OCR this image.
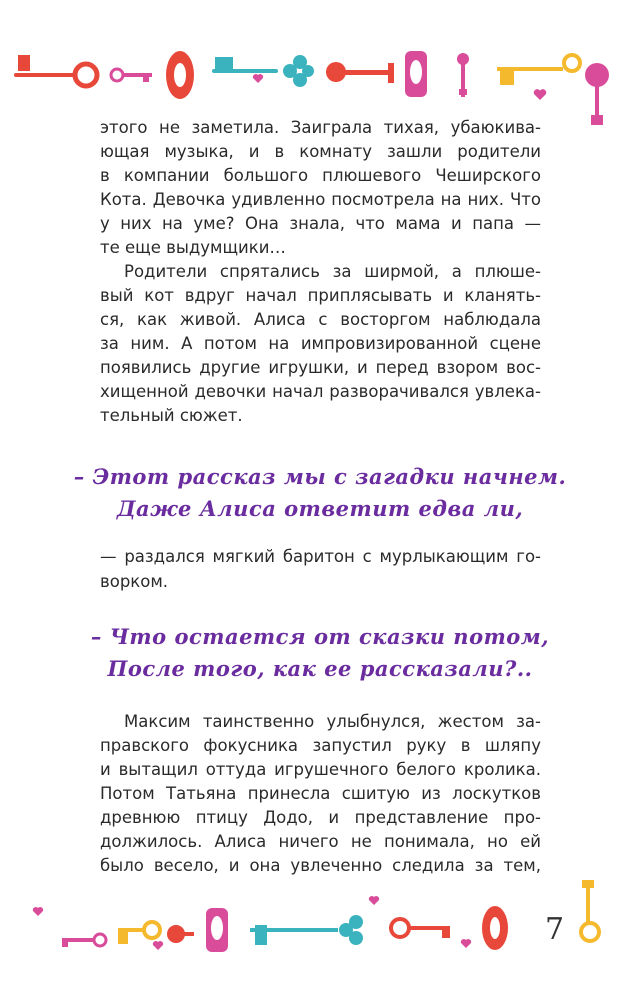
этого не заметила. Заиграла тихая, убаюкива-
ющая музыка, и в комнату зашли родители
в компании большого плюшевого Чеширского
Кота. Девочка удивленно посмотрела на них. Что
у них на уме? Она знала, что мама и папа —
те еще выдумщики…
Родители спрятались за ширмой, а плюше-
вый кот вдруг начал приплясывать и кланять-
ся, как живой. Алиса с восторгом наблюдала
за ним. А потом на импровизированной сцене
появились другие игрушки, и перед взором вос-
хищенной девочки начал разворачивался увлека-
тельный сюжет.
– Этот рассказ мы с загадки начнем.
Даже Алиса ответит едва ли,
— раздался мягкий баритон с мурлыкающим го-
ворком.
– Что остается от сказки потом,
После того, как ее рассказали?..
Максим таинственно улыбнулся, жестом за-
правского фокусника запустил руку в шляпу
и вытащил оттуда игрушечного белого кролика.
Потом Татьяна принесла сшитую из лоскутков
древнюю птицу Додо, и представление про-
должилось. Алиса ничего не понимала, но ей
было весело, и она увлеченно следила за тем,
7
